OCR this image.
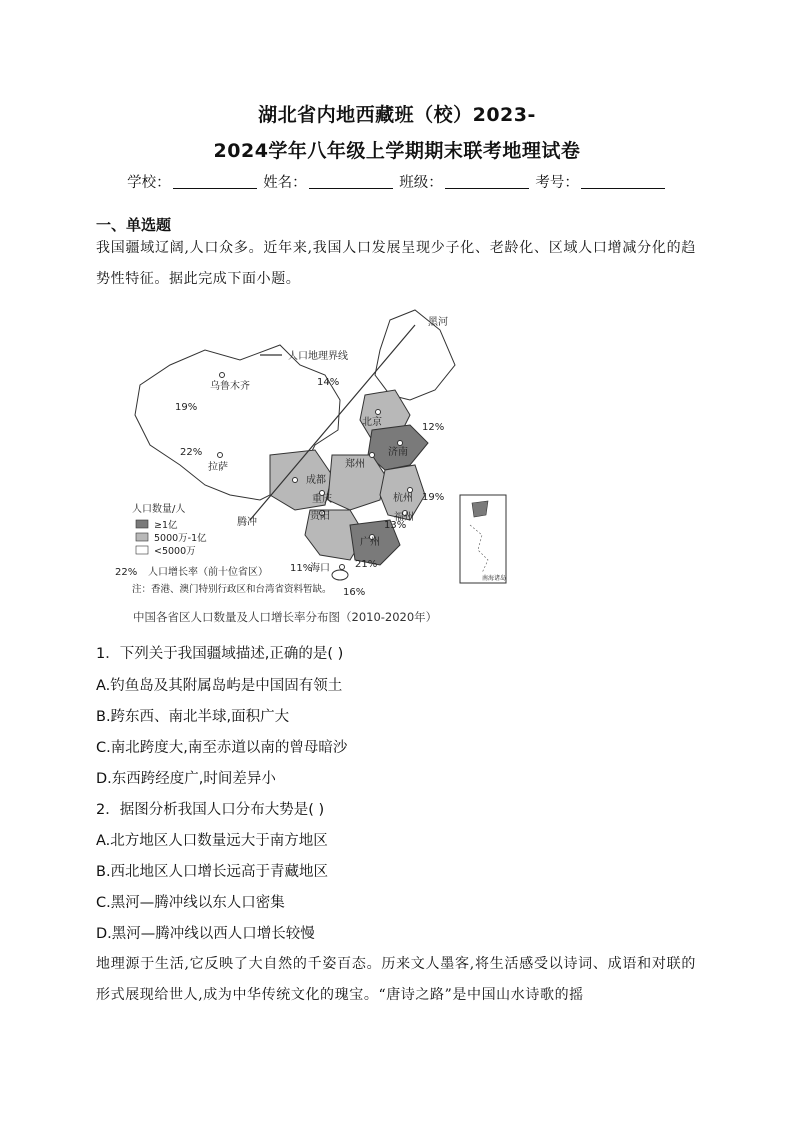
湖北省内地西藏班（校）2023-
2024学年八年级上学期期末联考地理试卷
学校：	姓名：	班级：	考号：
一、单选题
我国疆域辽阔,人口众多。近年来,我国人口发展呈现少子化、老龄化、区域人口增减分化的趋势性特征。据此完成下面小题。
人口地理界线
黑河
乌鲁木齐
拉萨
北京
济南
郑州
成都
重庆
贵阳
杭州
福州
广州
海口
腾冲
14%
19%
22%
12%
19%
13%
11%	21%
16%
人口数量/人
≥1亿
5000万-1亿
<5000万
22% 人口增长率（前十位省区）
注：香港、澳门特别行政区和台湾省资料暂缺。
南海诸岛
中国各省区人口数量及人口增长率分布图（2010-2020年）
1．下列关于我国疆域描述,正确的是( )
A.钓鱼岛及其附属岛屿是中国固有领土
B.跨东西、南北半球,面积广大
C.南北跨度大,南至赤道以南的曾母暗沙
D.东西跨经度广,时间差异小
2．据图分析我国人口分布大势是( )
A.北方地区人口数量远大于南方地区
B.西北地区人口增长远高于青藏地区
C.黑河—腾冲线以东人口密集
D.黑河—腾冲线以西人口增长较慢
地理源于生活,它反映了大自然的千姿百态。历来文人墨客,将生活感受以诗词、成语和对联的形式展现给世人,成为中华传统文化的瑰宝。“唐诗之路”是中国山水诗歌的摇
